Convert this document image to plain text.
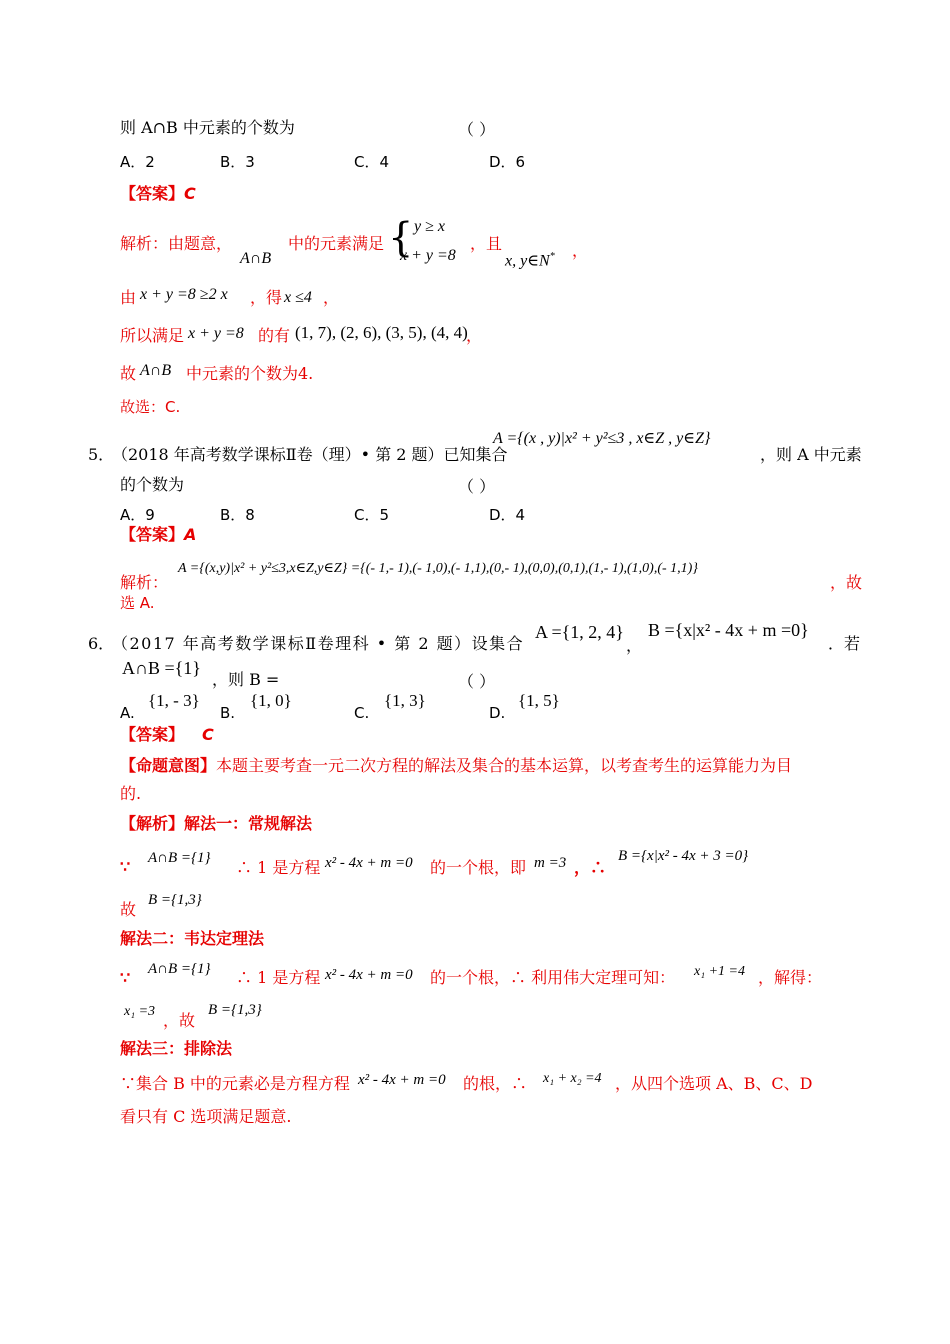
则 A∩B 中元素的个数为	（ ）
A．2	B．3	C．4	D．6
【答案】C
解析：由题意，
A∩B
中的元素满足 { y ≥ x
x + y =8
，且
x, y∈N* ，
由 x + y =8 ≥2 x ，得 x ≤4 ，
所以满足 x + y =8 的有 (1, 7), (2, 6), (3, 5), (4, 4)
，
故 A∩B 中元素的个数为4.
故选：C.
5．
（2018 年高考数学课标Ⅱ卷（理）• 第 2 题）已知集合
A ={(x , y)|x² + y²≤3 , x∈Z , y∈Z}
，则 A 中元素
的个数为	（ ）
A．9	B．8	C．5	D．4
【答案】A
解析：
A ={(x,y)|x² + y²≤3,x∈Z,y∈Z} ={(- 1,- 1),(- 1,0),(- 1,1),(0,- 1),(0,0),(0,1),(1,- 1),(1,0),(- 1,1)}
，故
选 A.
6．
（2017 年高考数学课标Ⅱ卷理科 • 第 2 题）设集合
A ={1, 2, 4}
，
B ={x|x² - 4x + m =0}
．若
A∩B ={1}
，则 B =	（ ）
A.
{1, - 3}
B.
{1, 0}
C.
{1, 3}
D.
{1, 5}
【答案】 C
【命题意图】本题主要考查一元二次方程的解法及集合的基本运算，以考查考生的运算能力为目
的.
【解析】解法一：常规解法
∵ A∩B ={1} ∴ 1 是方程 x² - 4x + m =0 的一个根，即 m =3 ，∴
B ={x|x² - 4x + 3 =0}
故 B ={1,3}
解法二：韦达定理法
∵ A∩B ={1} ∴ 1 是方程 x² - 4x + m =0 的一个根，∴ 利用伟大定理可知： x₁ +1 =4 ，解得：
x₁ =3 ，故
B ={1,3}
解法三：排除法
∵集合 B 中的元素必是方程方程 x² - 4x + m =0 的根，∴ x₁ + x₂ =4 ，从四个选项 A、B、C、D
看只有 C 选项满足题意.
